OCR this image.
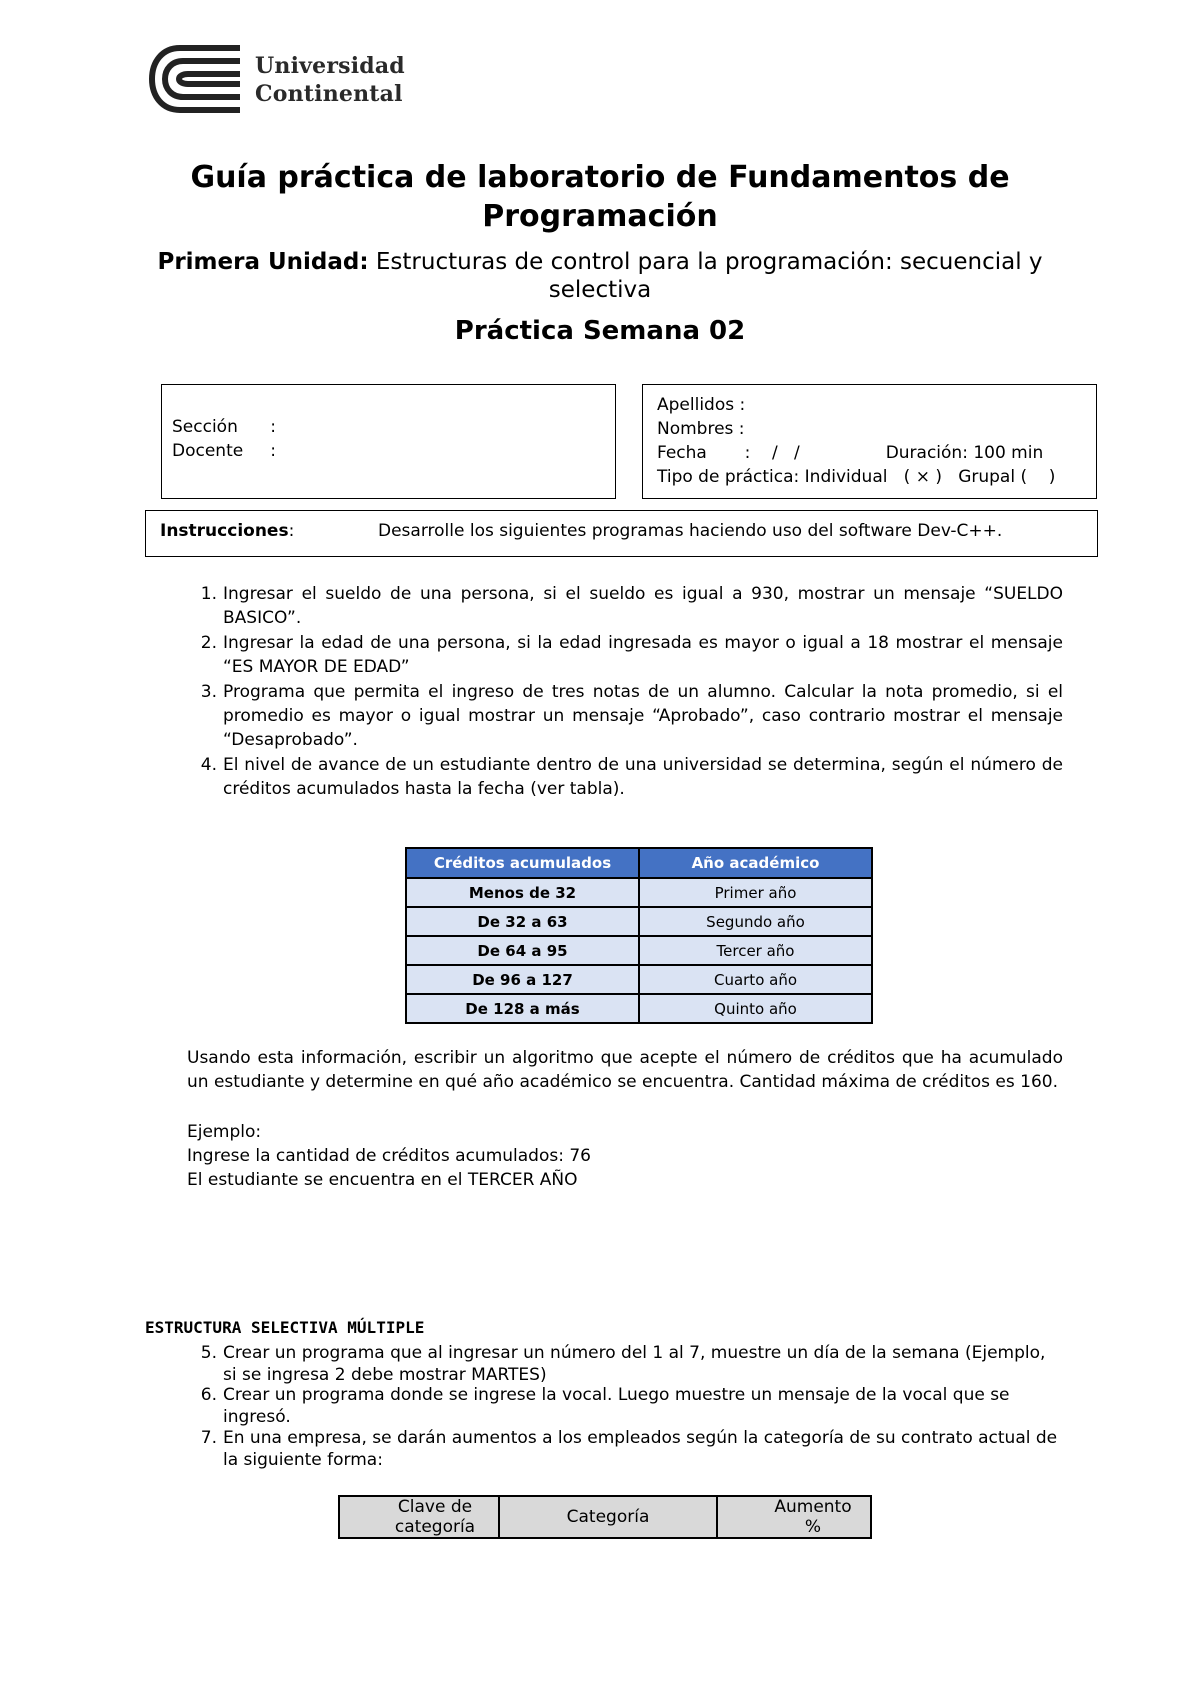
Universidad
Continental
Guía práctica de laboratorio de Fundamentos de Programación
Primera Unidad: Estructuras de control para la programación: secuencial y selectiva
Práctica Semana 02
Sección      :
Docente     :
Apellidos :
Nombres :
Fecha       :    /   /	Duración: 100 min
Tipo de práctica: Individual   ( × )   Grupal (    )
Instrucciones:	Desarrolle los siguientes programas haciendo uso del software Dev-C++.
1. Ingresar el sueldo de una persona, si el sueldo es igual a 930, mostrar un mensaje “SUELDO BASICO”.
2. Ingresar la edad de una persona, si la edad ingresada es mayor o igual a 18 mostrar el mensaje “ES MAYOR DE EDAD”
3. Programa que permita el ingreso de tres notas de un alumno. Calcular la nota promedio, si el promedio es mayor o igual mostrar un mensaje “Aprobado”, caso contrario mostrar el mensaje “Desaprobado”.
4. El nivel de avance de un estudiante dentro de una universidad se determina, según el número de créditos acumulados hasta la fecha (ver tabla).
Créditos acumulados	Año académico
Menos de 32	Primer año
De 32 a 63	Segundo año
De 64 a 95	Tercer año
De 96 a 127	Cuarto año
De 128 a más	Quinto año
Usando esta información, escribir un algoritmo que acepte el número de créditos que ha acumulado un estudiante y determine en qué año académico se encuentra. Cantidad máxima de créditos es 160.
Ejemplo:
Ingrese la cantidad de créditos acumulados: 76
El estudiante se encuentra en el TERCER AÑO
ESTRUCTURA SELECTIVA MÚLTIPLE
5. Crear un programa que al ingresar un número del 1 al 7, muestre un día de la semana (Ejemplo, si se ingresa 2 debe mostrar MARTES)
6. Crear un programa donde se ingrese la vocal. Luego muestre un mensaje de la vocal que se ingresó.
7. En una empresa, se darán aumentos a los empleados según la categoría de su contrato actual de la siguiente forma:
Clave de categoría	Categoría	Aumento %
